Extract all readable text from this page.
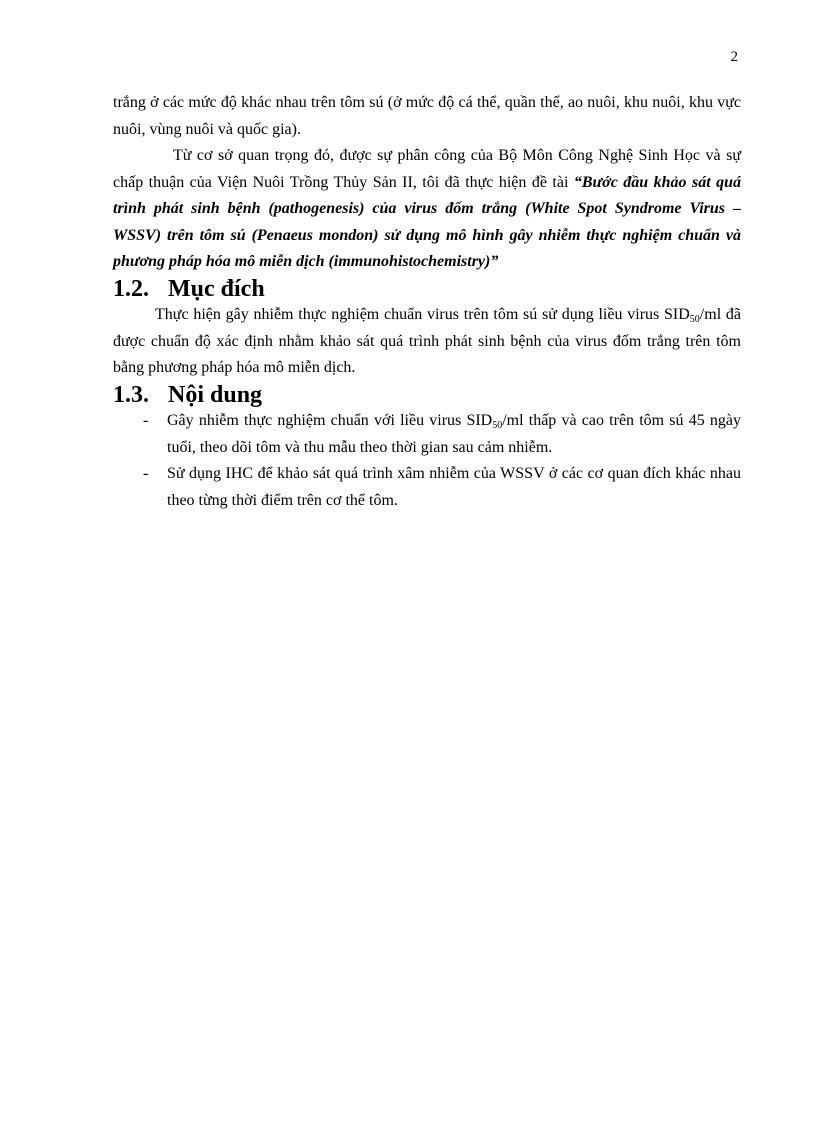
2

trắng ở các mức độ khác nhau trên tôm sú (ở mức độ cá thể, quần thể, ao nuôi, khu nuôi, khu vực nuôi, vùng nuôi và quốc gia).

Từ cơ sở quan trọng đó, được sự phân công của Bộ Môn Công Nghệ Sinh Học và sự chấp thuận của Viện Nuôi Trồng Thủy Sản II, tôi đã thực hiện đề tài “Bước đầu khảo sát quá trình phát sinh bệnh (pathogenesis) của virus đốm trắng (White Spot Syndrome Virus – WSSV) trên tôm sú (Penaeus mondon) sử dụng mô hình gây nhiễm thực nghiệm chuẩn và phương pháp hóa mô miễn dịch (immunohistochemistry)”

1.2. Mục đích

Thực hiện gây nhiễm thực nghiệm chuẩn virus trên tôm sú sử dụng liều virus $SID_{50}/ml$ đã được chuẩn độ xác định nhằm khảo sát quá trình phát sinh bệnh của virus đốm trắng trên tôm bằng phương pháp hóa mô miễn dịch.

1.3. Nội dung
- Gây nhiễm thực nghiệm chuẩn với liều virus $SID_{50}/ml$ thấp và cao trên tôm sú 45 ngày tuổi, theo dõi tôm và thu mẫu theo thời gian sau cảm nhiễm.
- Sử dụng IHC để khảo sát quá trình xâm nhiễm của WSSV ở các cơ quan đích khác nhau theo từng thời điểm trên cơ thể tôm.
